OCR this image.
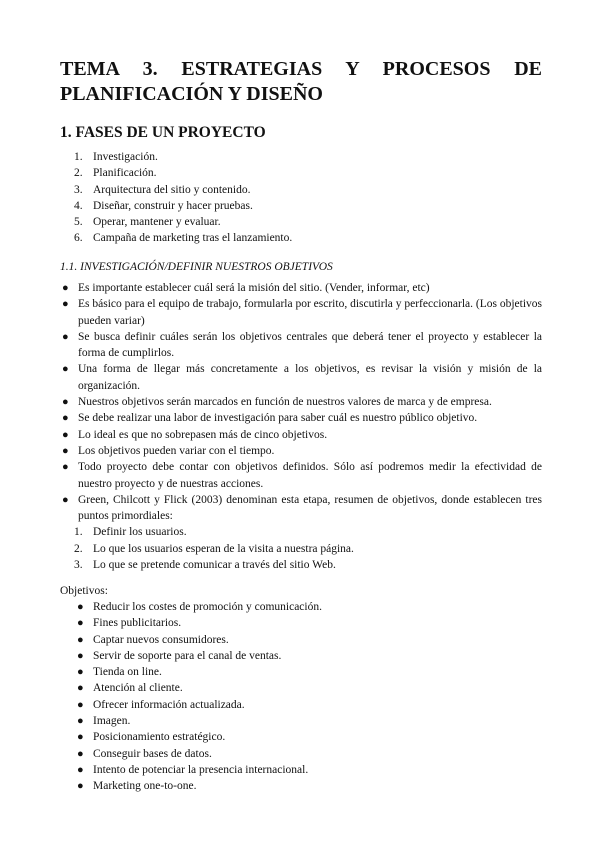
TEMA 3. ESTRATEGIAS Y PROCESOS DE PLANIFICACIÓN Y DISEÑO
1. FASES DE UN PROYECTO
1. Investigación.
2. Planificación.
3. Arquitectura del sitio y contenido.
4. Diseñar, construir y hacer pruebas.
5. Operar, mantener y evaluar.
6. Campaña de marketing tras el lanzamiento.
1.1. INVESTIGACIÓN/DEFINIR NUESTROS OBJETIVOS
● Es importante establecer cuál será la misión del sitio. (Vender, informar, etc)
● Es básico para el equipo de trabajo, formularla por escrito, discutirla y perfeccionarla. (Los objetivos pueden variar)
● Se busca definir cuáles serán los objetivos centrales que deberá tener el proyecto y establecer la forma de cumplirlos.
● Una forma de llegar más concretamente a los objetivos, es revisar la visión y misión de la organización.
● Nuestros objetivos serán marcados en función de nuestros valores de marca y de empresa.
● Se debe realizar una labor de investigación para saber cuál es nuestro público objetivo.
● Lo ideal es que no sobrepasen más de cinco objetivos.
● Los objetivos pueden variar con el tiempo.
● Todo proyecto debe contar con objetivos definidos. Sólo así podremos medir la efectividad de nuestro proyecto y de nuestras acciones.
● Green, Chilcott y Flick (2003) denominan esta etapa, resumen de objetivos, donde establecen tres puntos primordiales:
1. Definir los usuarios.
2. Lo que los usuarios esperan de la visita a nuestra página.
3. Lo que se pretende comunicar a través del sitio Web.

Objetivos:

● Reducir los costes de promoción y comunicación.
● Fines publicitarios.
● Captar nuevos consumidores.
● Servir de soporte para el canal de ventas.
● Tienda on line.
● Atención al cliente.
● Ofrecer información actualizada.
● Imagen.
● Posicionamiento estratégico.
● Conseguir bases de datos.
● Intento de potenciar la presencia internacional.
● Marketing one-to-one.
